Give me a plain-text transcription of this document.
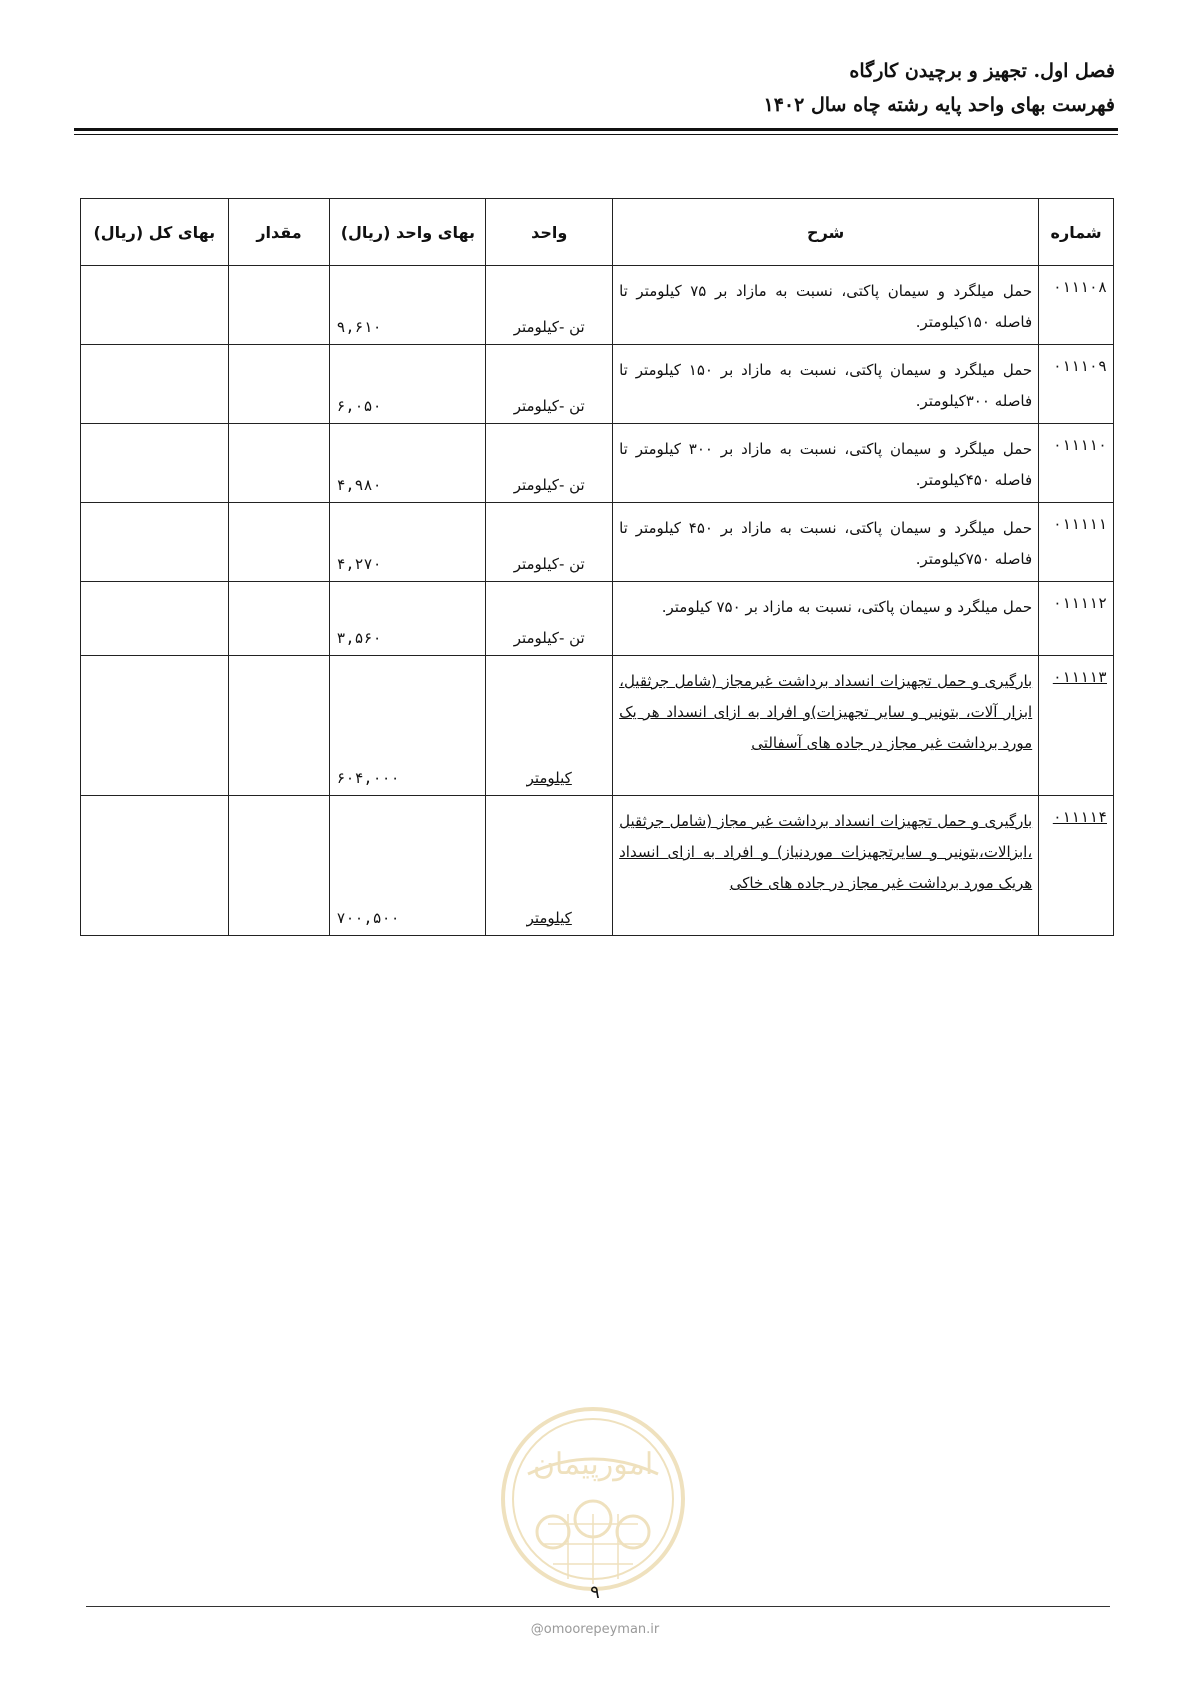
فصل اول. تجهیز و برچیدن کارگاه
فهرست بهای واحد پایه رشته چاه سال ۱۴۰۲
شماره	شرح	واحد	بهای واحد (ریال)	مقدار	بهای کل (ریال)
۰۱۱۱۰۸	حمل میلگرد و سیمان پاکتی، نسبت به مازاد بر ۷۵ کیلومتر تا فاصله ۱۵۰کیلومتر.	تن -کیلومتر	۹,۶۱۰		
۰۱۱۱۰۹	حمل میلگرد و سیمان پاکتی، نسبت به مازاد بر ۱۵۰ کیلومتر تا فاصله ۳۰۰کیلومتر.	تن -کیلومتر	۶,۰۵۰		
۰۱۱۱۱۰	حمل میلگرد و سیمان پاکتی، نسبت به مازاد بر ۳۰۰ کیلومتر تا فاصله ۴۵۰کیلومتر.	تن -کیلومتر	۴,۹۸۰		
۰۱۱۱۱۱	حمل میلگرد و سیمان پاکتی، نسبت به مازاد بر ۴۵۰ کیلومتر تا فاصله ۷۵۰کیلومتر.	تن -کیلومتر	۴,۲۷۰		
۰۱۱۱۱۲	حمل میلگرد و سیمان پاکتی، نسبت به مازاد بر ۷۵۰ کیلومتر.	تن -کیلومتر	۳,۵۶۰		
۰۱۱۱۱۳	بارگیری و حمل تجهیزات انسداد برداشت غیرمجاز (شامل جرثقیل، ابزار آلات، بتونیر و سایر تجهیزات)و افراد به ازای انسداد هر یک مورد برداشت غیر مجاز در جاده های آسفالتی	کیلومتر	۶۰۴,۰۰۰		
۰۱۱۱۱۴	بارگیری و حمل تجهیزات انسداد برداشت غیر مجاز (شامل جرثقیل ،ابزالات،بتونیر و سایرتجهیزات موردنیاز) و افراد به ازای انسداد هریک مورد برداشت غیر مجاز در جاده های خاکی	کیلومتر	۷۰۰,۵۰۰		
امورپیمان
۹
@omoorepeyman.ir
